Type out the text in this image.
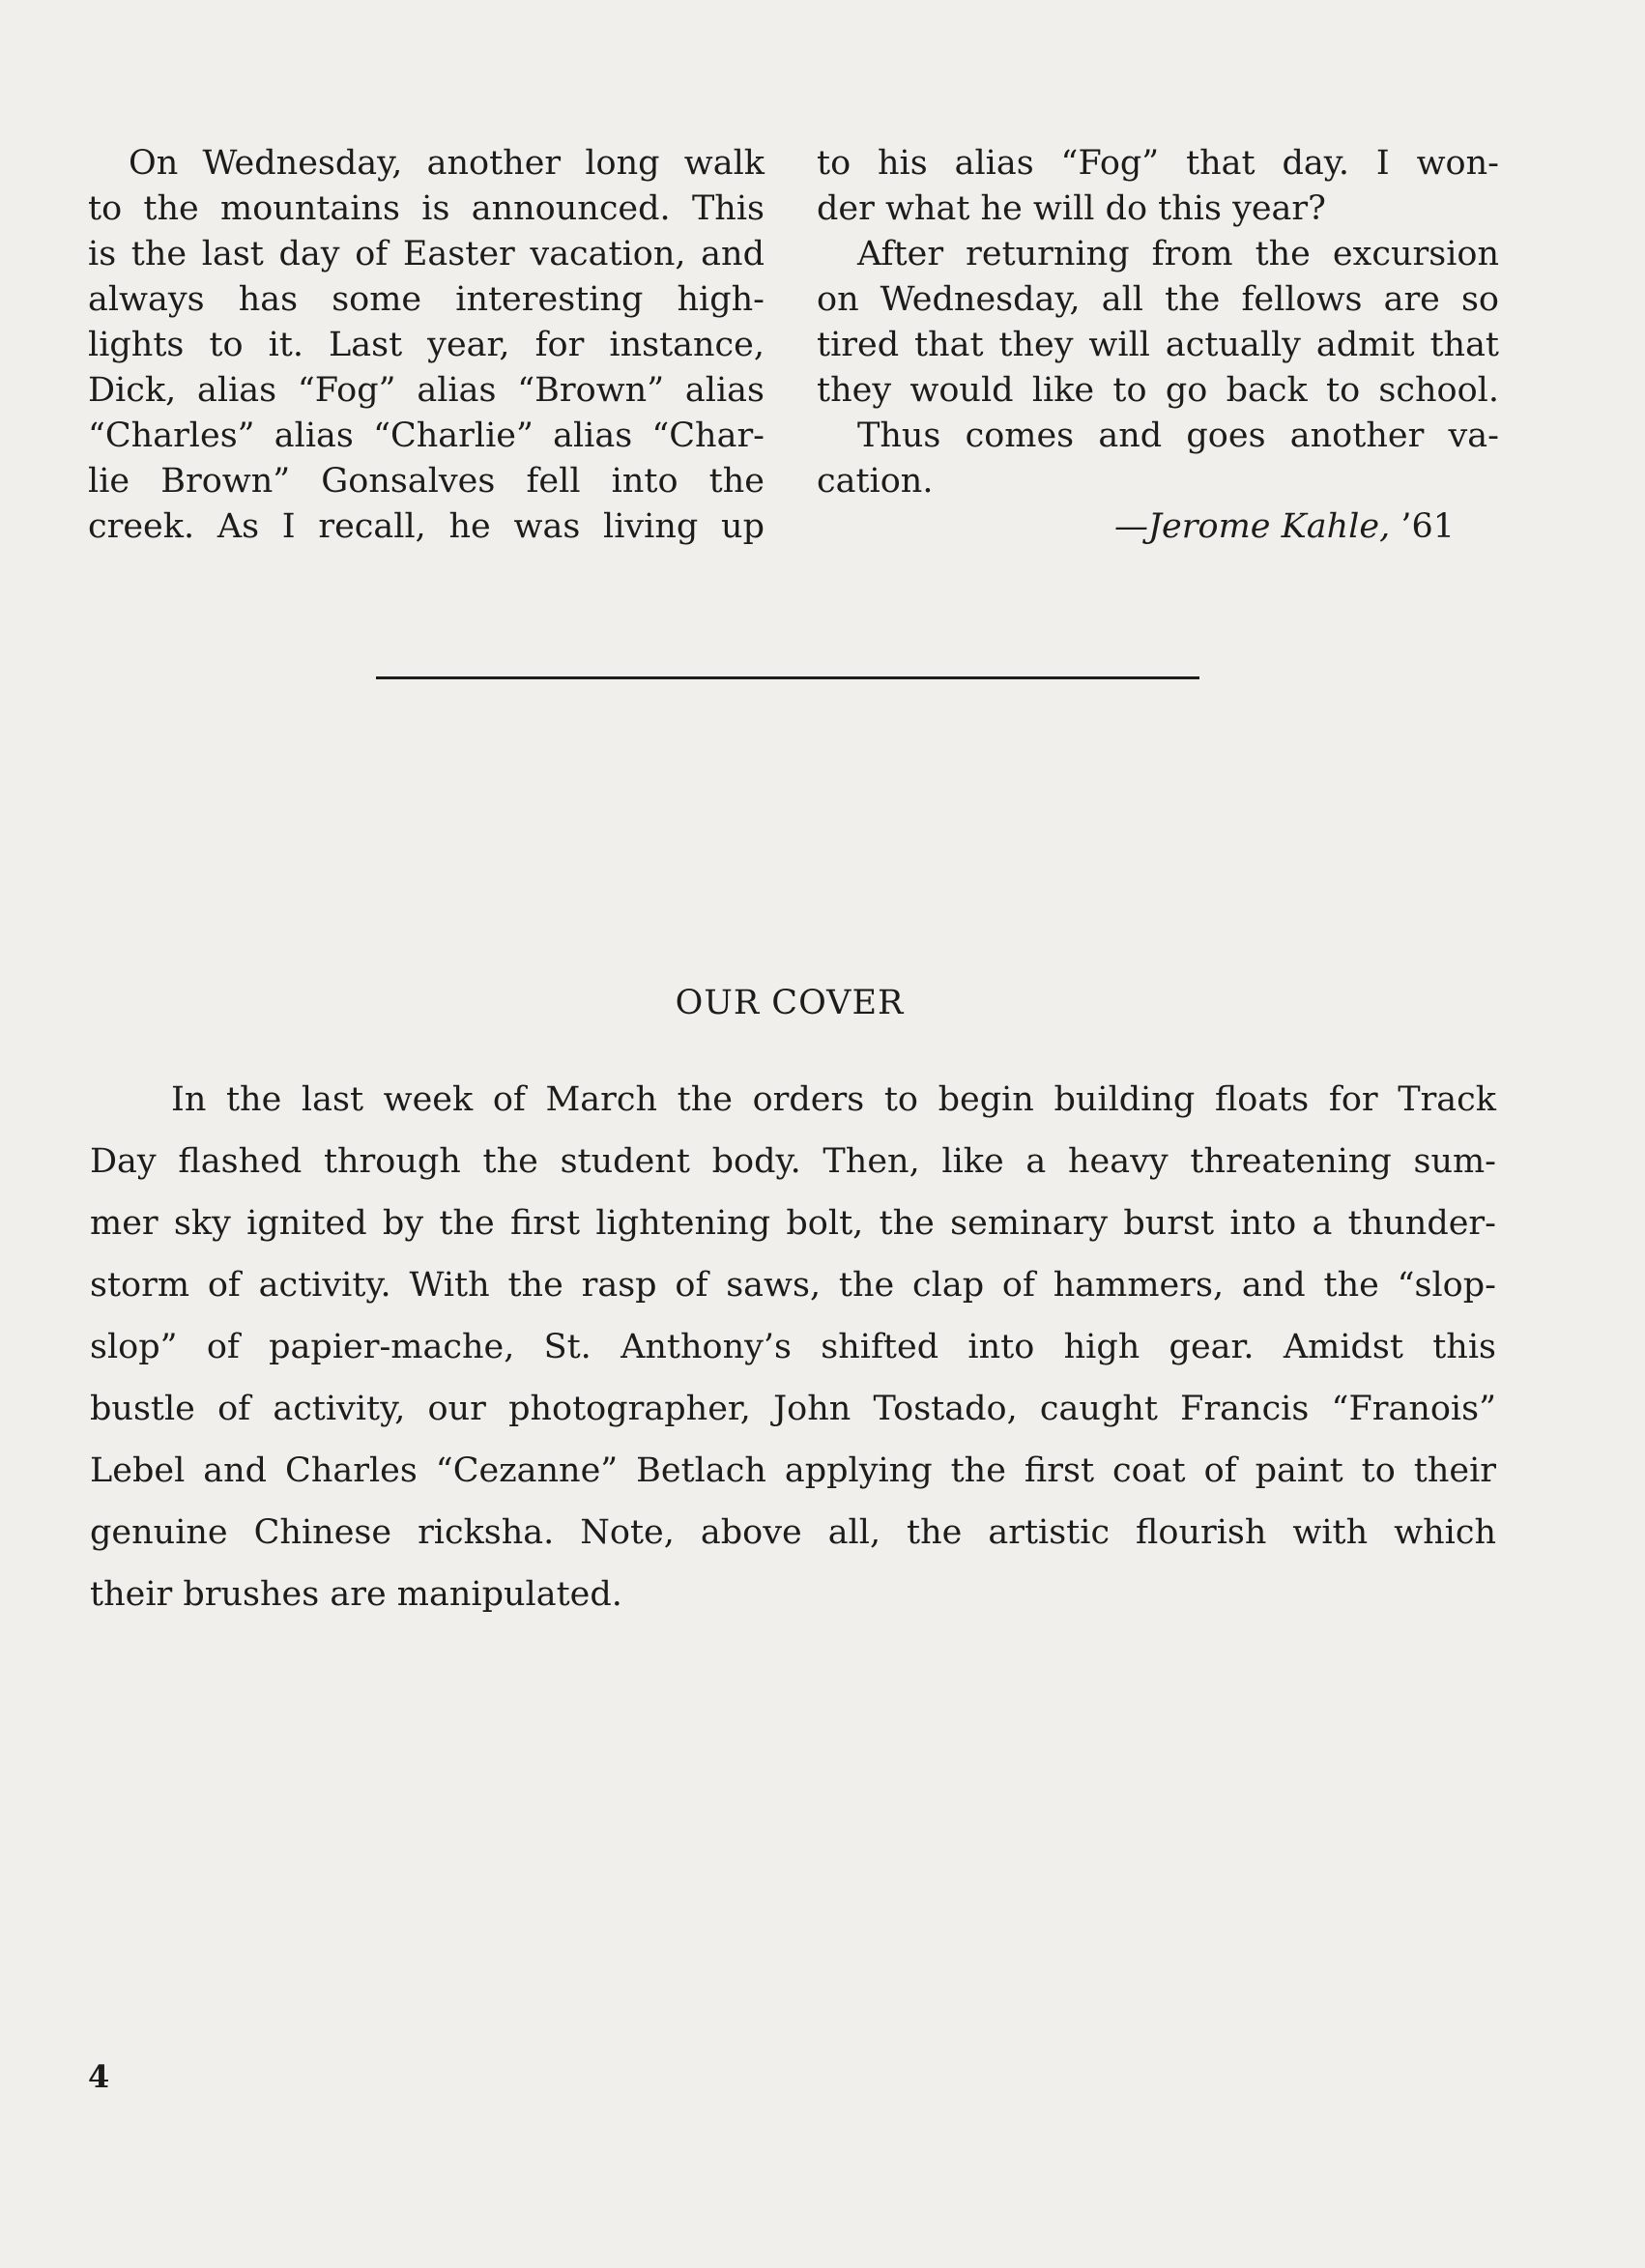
On Wednesday, another long walk
to the mountains is announced. This
is the last day of Easter vacation, and
always has some interesting high-
lights to it. Last year, for instance,
Dick, alias “Fog” alias “Brown” alias
“Charles” alias “Charlie” alias “Char-
lie Brown” Gonsalves fell into the
creek. As I recall, he was living up
to his alias “Fog” that day. I won-
der what he will do this year?
After returning from the excursion
on Wednesday, all the fellows are so
tired that they will actually admit that
they would like to go back to school.
Thus comes and goes another va-
cation.
—Jerome Kahle, ’61
OUR COVER
In the last week of March the orders to begin building floats for Track
Day flashed through the student body. Then, like a heavy threatening sum-
mer sky ignited by the first lightening bolt, the seminary burst into a thunder-
storm of activity. With the rasp of saws, the clap of hammers, and the “slop-
slop” of papier-mache, St. Anthony’s shifted into high gear. Amidst this
bustle of activity, our photographer, John Tostado, caught Francis “Franois”
Lebel and Charles “Cezanne” Betlach applying the first coat of paint to their
genuine Chinese ricksha. Note, above all, the artistic flourish with which
their brushes are manipulated.
4
